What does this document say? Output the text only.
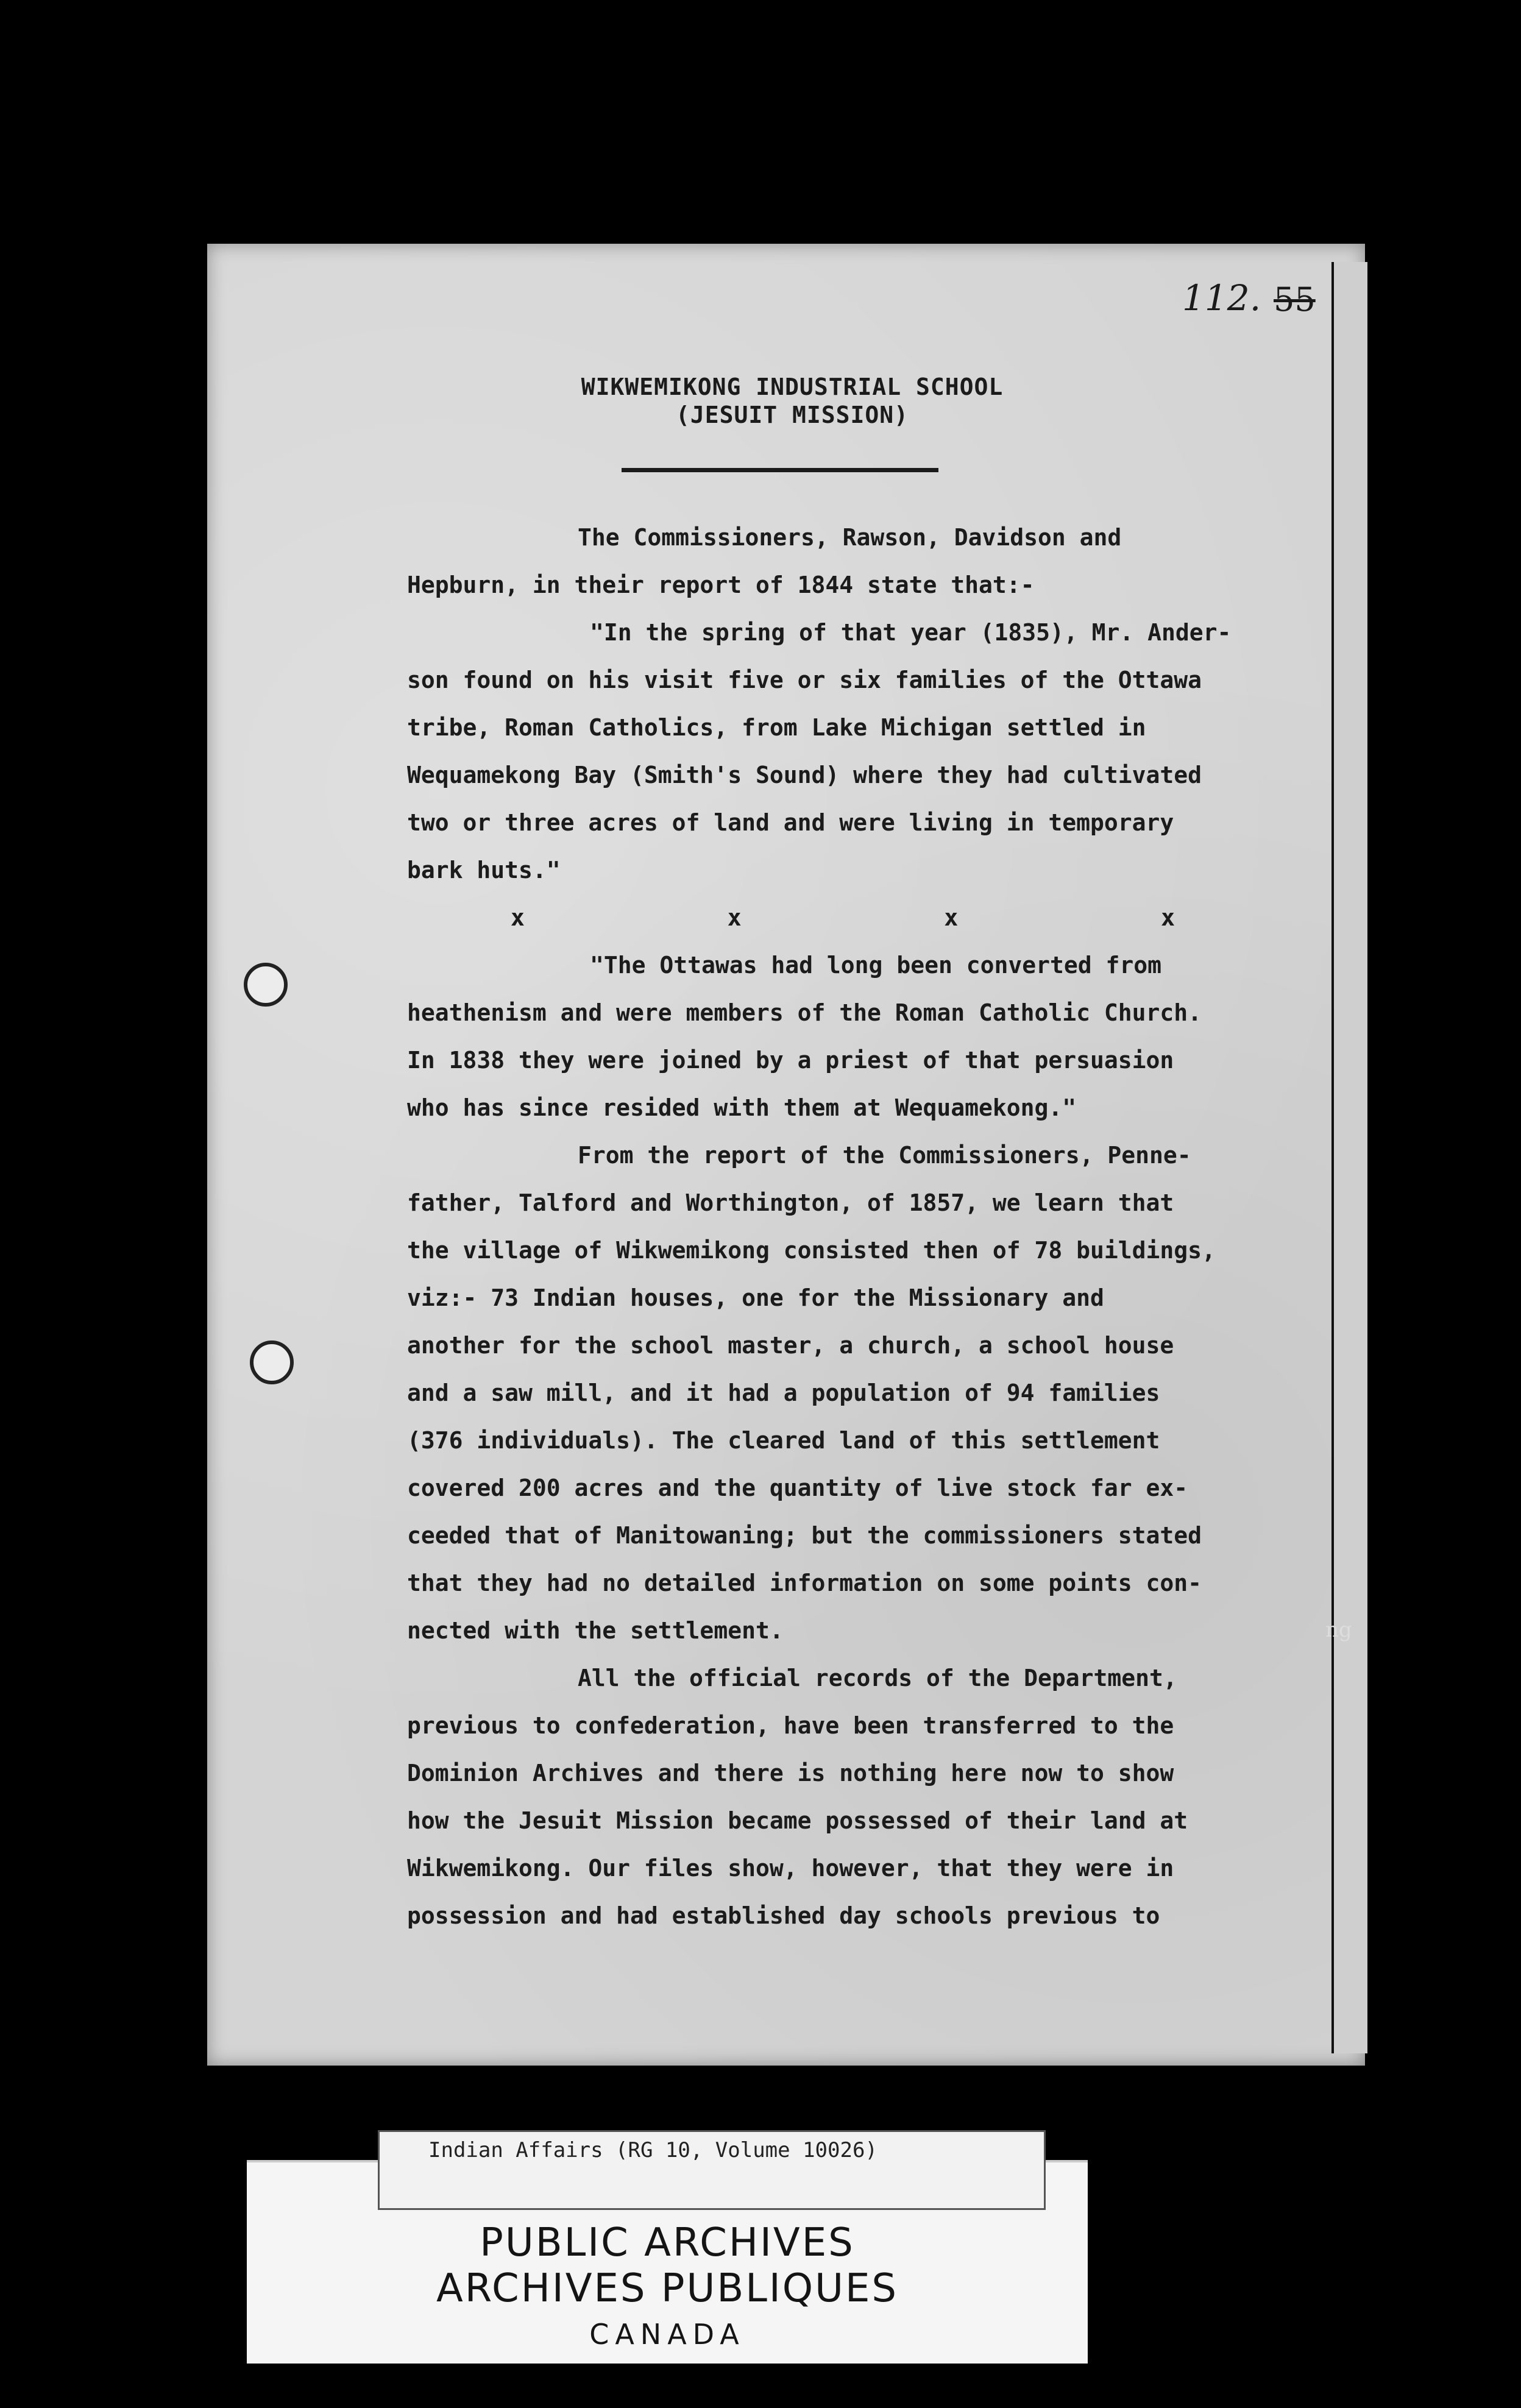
112. 55
WIKWEMIKONG INDUSTRIAL SCHOOL
(JESUIT MISSION)

The Commissioners, Rawson, Davidson and

Hepburn, in their report of 1844 state that:-

"In the spring of that year (1835), Mr. Ander-

son found on his visit five or six families of the Ottawa

tribe, Roman Catholics, from Lake Michigan settled in

Wequamekong Bay (Smith's Sound) where they had cultivated

two or three acres of land and were living in temporary

bark huts."

x	x	x	x

"The Ottawas had long been converted from

heathenism and were members of the Roman Catholic Church.

In 1838 they were joined by a priest of that persuasion

who has since resided with them at Wequamekong."

From the report of the Commissioners, Penne-

father, Talford and Worthington, of 1857, we learn that

the village of Wikwemikong consisted then of 78 buildings,

viz:- 73 Indian houses, one for the Missionary and

another for the school master, a church, a school house

and a saw mill, and it had a population of 94 families

(376 individuals). The cleared land of this settlement

covered 200 acres and the quantity of live stock far ex-

ceeded that of Manitowaning; but the commissioners stated

that they had no detailed information on some points con-

nected with the settlement.

All the official records of the Department,

previous to confederation, have been transferred to the

Dominion Archives and there is nothing here now to show

how the Jesuit Mission became possessed of their land at

Wikwemikong. Our files show, however, that they were in

possession and had established day schools previous to

ng
PUBLIC ARCHIVES
ARCHIVES PUBLIQUES
CANADA
Indian Affairs (RG 10, Volume 10026)
